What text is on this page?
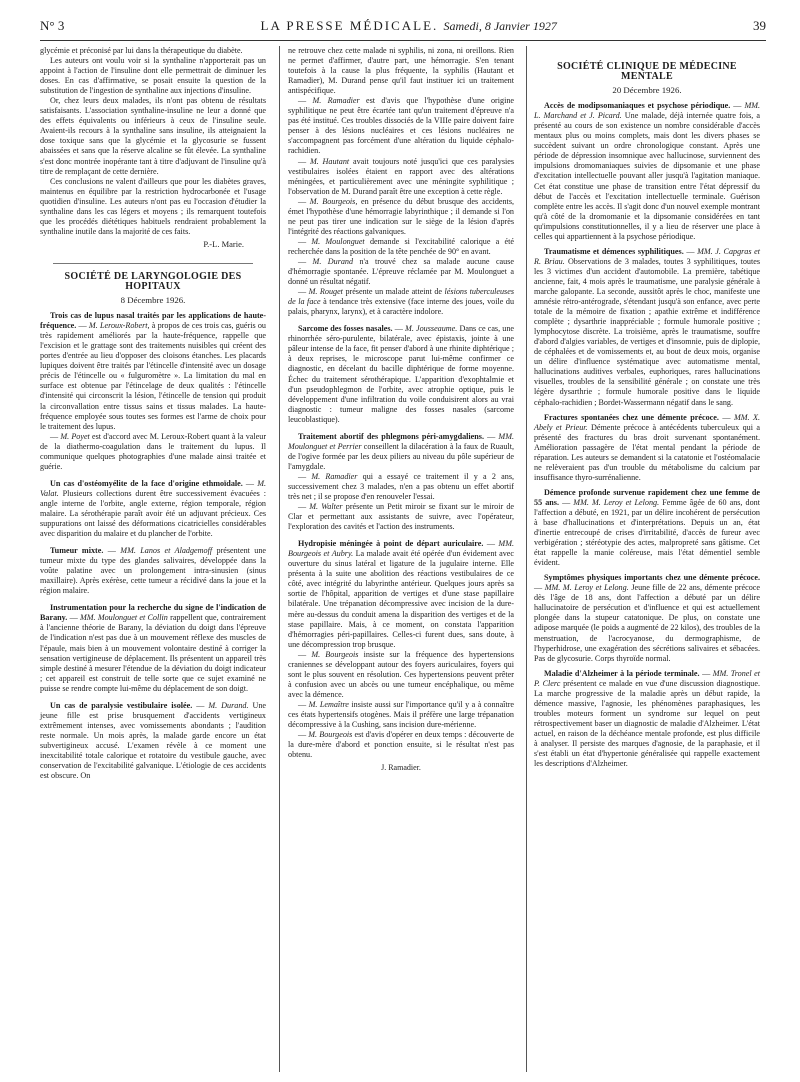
N° 3	LA PRESSE MÉDICALE. Samedi, 8 Janvier 1927	39

glycémie et préconisé par lui dans la thérapeutique du diabète.

Les auteurs ont voulu voir si la synthaline n'apporterait pas un appoint à l'action de l'insuline dont elle permettrait de diminuer les doses. En cas d'affirmative, se posait ensuite la question de la substitution de l'ingestion de synthaline aux injections d'insuline.

Or, chez leurs deux malades, ils n'ont pas obtenu de résultats satisfaisants. L'association synthaline-insuline ne leur a donné que des effets équivalents ou inférieurs à ceux de l'insuline seule. Avaient-ils recours à la synthaline sans insuline, ils atteignaient la dose toxique sans que la glycémie et la glycosurie se fussent abaissées et sans que la réserve alcaline se fût élevée. La synthaline s'est donc montrée inopérante tant à titre d'adjuvant de l'insuline qu'à titre de remplaçant de cette dernière.

Ces conclusions ne valent d'ailleurs que pour les diabètes graves, maintenus en équilibre par la restriction hydrocarbonée et l'usage quotidien d'insuline. Les auteurs n'ont pas eu l'occasion d'étudier la synthaline dans les cas légers et moyens ; ils remarquent toutefois que les procédés diététiques habituels rendraient probablement la synthaline inutile dans la majorité de ces faits.

P.-L. Marie.
SOCIÉTÉ DE LARYNGOLOGIE DES HOPITAUX
8 Décembre 1926.

Trois cas de lupus nasal traités par les applications de haute-fréquence. — M. Leroux-Robert, à propos de ces trois cas, guéris ou très rapidement améliorés par la haute-fréquence, rappelle que l'excision et le grattage sont des traitements nuisibles qui créent des portes d'entrée au lieu d'opposer des cloisons étanches. Les placards lupiques doivent être traités par l'étincelle d'intensité avec un dosage précis de l'étincelle ou « fulguromètre ». La limitation du mal en surface est obtenue par l'étincelage de deux qualités : l'étincelle d'intensité qui circonscrit la lésion, l'étincelle de tension qui produit la circonvallation entre tissus sains et tissus malades. La haute-fréquence employée sous toutes ses formes est l'arme de choix pour le traitement des lupus.

— M. Poyet est d'accord avec M. Leroux-Robert quant à la valeur de la diathermo-coagulation dans le traitement du lupus. Il communique quelques photographies d'une malade ainsi traitée et guérie.

Un cas d'ostéomyélite de la face d'origine ethmoïdale. — M. Valat. Plusieurs collections durent être successivement évacuées : angle interne de l'orbite, angle externe, région temporale, région malaire. La sérothérapie paraît avoir été un adjuvant précieux. Ces suppurations ont laissé des déformations cicatricielles considérables avec disparition du malaire et du plancher de l'orbite.

Tumeur mixte. — MM. Lanos et Aladgemoff présentent une tumeur mixte du type des glandes salivaires, développée dans la voûte palatine avec un prolongement intra-sinusien (sinus maxillaire). Après exérèse, cette tumeur a récidivé dans la joue et la région malaire.

Instrumentation pour la recherche du signe de l'indication de Barany. — MM. Moulonguet et Collin rappellent que, contrairement à l'ancienne théorie de Barany, la déviation du doigt dans l'épreuve de l'indication n'est pas due à un mouvement réflexe des muscles de l'épaule, mais bien à un mouvement volontaire destiné à corriger la sensation vertigineuse de déplacement. Ils présentent un appareil très simple destiné à mesurer l'étendue de la déviation du doigt indicateur ; cet appareil est construit de telle sorte que ce sujet examiné ne puisse se rendre compte lui-même du déplacement de son doigt.

Un cas de paralysie vestibulaire isolée. — M. Durand. Une jeune fille est prise brusquement d'accidents vertigineux extrêmement intenses, avec vomissements abondants ; l'audition reste normale. Un mois après, la malade garde encore un état subvertigineux accusé. L'examen révèle à ce moment une inexcitabilité totale calorique et rotatoire du vestibule gauche, avec conservation de l'excitabilité galvanique. L'étiologie de ces accidents est obscure. On

ne retrouve chez cette malade ni syphilis, ni zona, ni oreillons. Rien ne permet d'affirmer, d'autre part, une hémorragie. S'en tenant toutefois à la cause la plus fréquente, la syphilis (Hautant et Ramadier), M. Durand pense qu'il faut instituer ici un traitement antispécifique.

— M. Ramadier est d'avis que l'hypothèse d'une origine syphilitique ne peut être écartée tant qu'un traitement d'épreuve n'a pas été institué. Ces troubles dissociés de la VIIIe paire doivent faire penser à des lésions nucléaires et ces lésions nucléaires ne s'accompagnent pas forcément d'une altération du liquide céphalo-rachidien.

— M. Hautant avait toujours noté jusqu'ici que ces paralysies vestibulaires isolées étaient en rapport avec des altérations méningées, et particulièrement avec une méningite syphilitique ; l'observation de M. Durand paraît être une exception à cette règle.

— M. Bourgeois, en présence du début brusque des accidents, émet l'hypothèse d'une hémorragie labyrinthique ; il demande si l'on ne peut pas tirer une indication sur le siège de la lésion d'après l'intégrité des réactions galvaniques.

— M. Moulonguet demande si l'excitabilité calorique a été recherchée dans la position de la tête penchée de 90° en avant.

— M. Durand n'a trouvé chez sa malade aucune cause d'hémorragie spontanée. L'épreuve réclamée par M. Moulonguet a donné un résultat négatif.

— M. Rouget présente un malade atteint de lésions tuberculeuses de la face à tendance très extensive (face interne des joues, voile du palais, pharynx, larynx), et à caractère indolore.

Sarcome des fosses nasales. — M. Jousseaume. Dans ce cas, une rhinorrhée séro-purulente, bilatérale, avec épistaxis, jointe à une pâleur intense de la face, fit penser d'abord à une rhinite diphtérique ; à deux reprises, le microscope parut lui-même confirmer ce diagnostic, en décelant du bacille diphtérique de forme moyenne. Échec du traitement sérothérapique. L'apparition d'exophtalmie et d'un pseudophlegmon de l'orbite, avec atrophie optique, puis le développement d'une infiltration du voile conduisirent alors au vrai diagnostic : tumeur maligne des fosses nasales (sarcome leucoblastique).

Traitement abortif des phlegmons péri-amygdaliens. — MM. Moulonguet et Perrier conseillent la dilacération à la faux de Ruault, de l'ogive formée par les deux piliers au niveau du pôle supérieur de l'amygdale.

— M. Ramadier qui a essayé ce traitement il y a 2 ans, successivement chez 3 malades, n'en a pas obtenu un effet abortif très net ; il se propose d'en renouveler l'essai.

— M. Walter présente un Petit miroir se fixant sur le miroir de Clar et permettant aux assistants de suivre, avec l'opérateur, l'exploration des cavités et l'action des instruments.

Hydropisie méningée à point de départ auriculaire. — MM. Bourgeois et Aubry. La malade avait été opérée d'un évidement avec ouverture du sinus latéral et ligature de la jugulaire interne. Elle présenta à la suite une abolition des réactions vestibulaires de ce côté, avec intégrité du labyrinthe antérieur. Quelques jours après sa sortie de l'hôpital, apparition de vertiges et d'une stase papillaire bilatérale. Une trépanation décompressive avec incision de la dure-mère au-dessus du conduit amena la disparition des vertiges et de la stase papillaire. Mais, à ce moment, on constata l'apparition d'hémorragies péri-papillaires. Celles-ci furent dues, sans doute, à une décompression trop brusque.

— M. Bourgeois insiste sur la fréquence des hypertensions craniennes se développant autour des foyers auriculaires, foyers qui sont le plus souvent en résolution. Ces hypertensions peuvent prêter à confusion avec un abcès ou une tumeur encéphalique, ou même avec la démence.

— M. Lemaître insiste aussi sur l'importance qu'il y a à connaître ces états hypertensifs otogènes. Mais il préfère une large trépanation décompressive à la Cushing, sans incision dure-mérienne.

— M. Bourgeois est d'avis d'opérer en deux temps : découverte de la dure-mère d'abord et ponction ensuite, si le résultat n'est pas obtenu.

J. Ramadier.
SOCIÉTÉ CLINIQUE DE MÉDECINE MENTALE
20 Décembre 1926.

Accès de modipsomaniaques et psychose périodique. — MM. L. Marchand et J. Picard. Une malade, déjà internée quatre fois, a présenté au cours de son existence un nombre considérable d'accès mentaux plus ou moins complets, mais dont les divers phases se succèdent suivant un ordre chronologique constant. Après une période de dépression insomnique avec hallucinose, surviennent des impulsions dromomaniaques suivies de dipsomanie et une phase d'excitation intellectuelle pouvant aller jusqu'à l'agitation maniaque. Cet état constitue une phase de transition entre l'état dépressif du début de l'accès et l'excitation intellectuelle terminale. Guérison complète entre les accès. Il s'agit donc d'un nouvel exemple montrant qu'à côté de la dromomanie et la dipsomanie considérées en tant qu'impulsions constitutionnelles, il y a lieu de réserver une place à celles qui appartiennent à la psychose périodique.

Traumatisme et démences syphilitiques. — MM. J. Capgras et R. Briau. Observations de 3 malades, toutes 3 syphilitiques, toutes les 3 victimes d'un accident d'automobile. La première, tabétique ancienne, fait, 4 mois après le traumatisme, une paralysie générale à marche galopante. La seconde, aussitôt après le choc, manifeste une amnésie rétro-antérograde, s'étendant jusqu'à son enfance, avec perte totale de la mémoire de fixation ; apathie extrême et indifférence complète ; dysarthrie inappréciable ; formule humorale positive ; lymphocytose discrète. La troisième, après le traumatisme, souffre d'abord d'algies variables, de vertiges et d'insomnie, puis de diplopie, de céphalées et de vomissements et, au bout de deux mois, organise un délire d'influence systématique avec automatisme mental, hallucinations auditives verbales, euphoriques, rares hallucinations visuelles, troubles de la sensibilité générale ; on constate une très légère dysarthrie ; formule humorale positive dans le liquide céphalo-rachidien ; Bordet-Wassermann négatif dans le sang.

Fractures spontanées chez une démente précoce. — MM. X. Abely et Prieur. Démente précoce à antécédents tuberculeux qui a présenté des fractures du bras droit survenant spontanément. Amélioration passagère de l'état mental pendant la période de réparation. Les auteurs se demandent si la catatonie et l'ostéomalacie ne relèveraient pas d'un trouble du métabolisme du calcium par insuffisance thyro-surrénalienne.

Démence profonde survenue rapidement chez une femme de 55 ans. — MM. M. Leroy et Lelong. Femme âgée de 60 ans, dont l'affection a débuté, en 1921, par un délire incohérent de persécution à base d'hallucinations et d'interprétations. Depuis un an, état d'inertie entrecoupé de crises d'irritabilité, d'accès de fureur avec verbigération ; stéréotypie des actes, malpropreté sans gâtisme. Cet état rappelle la manie coléreuse, mais l'état démentiel semble évident.

Symptômes physiques importants chez une démente précoce. — MM. M. Leroy et Lelong. Jeune fille de 22 ans, démente précoce dès l'âge de 18 ans, dont l'affection a débuté par un délire hallucinatoire de persécution et d'influence et qui est actuellement plongée dans la stupeur catatonique. De plus, on constate une adipose marquée (le poids a augmenté de 22 kilos), des troubles de la menstruation, de l'acrocyanose, du dermographisme, de l'hyperhidrose, une exagération des sécrétions salivaires et sébacées. Pas de glycosurie. Corps thyroïde normal.

Maladie d'Alzheimer à la période terminale. — MM. Tronel et P. Clerc présentent ce malade en vue d'une discussion diagnostique. La marche progressive de la maladie après un début rapide, la démence massive, l'agnosie, les phénomènes paraphasiques, les troubles moteurs forment un syndrome sur lequel on peut rétrospectivement baser un diagnostic de maladie d'Alzheimer. L'état actuel, en raison de la déchéance mentale profonde, est plus difficile à analyser. Il persiste des marques d'agnosie, de la paraphasie, et il s'est établi un état d'hypertonie généralisée qui rappelle exactement les descriptions d'Alzheimer.
